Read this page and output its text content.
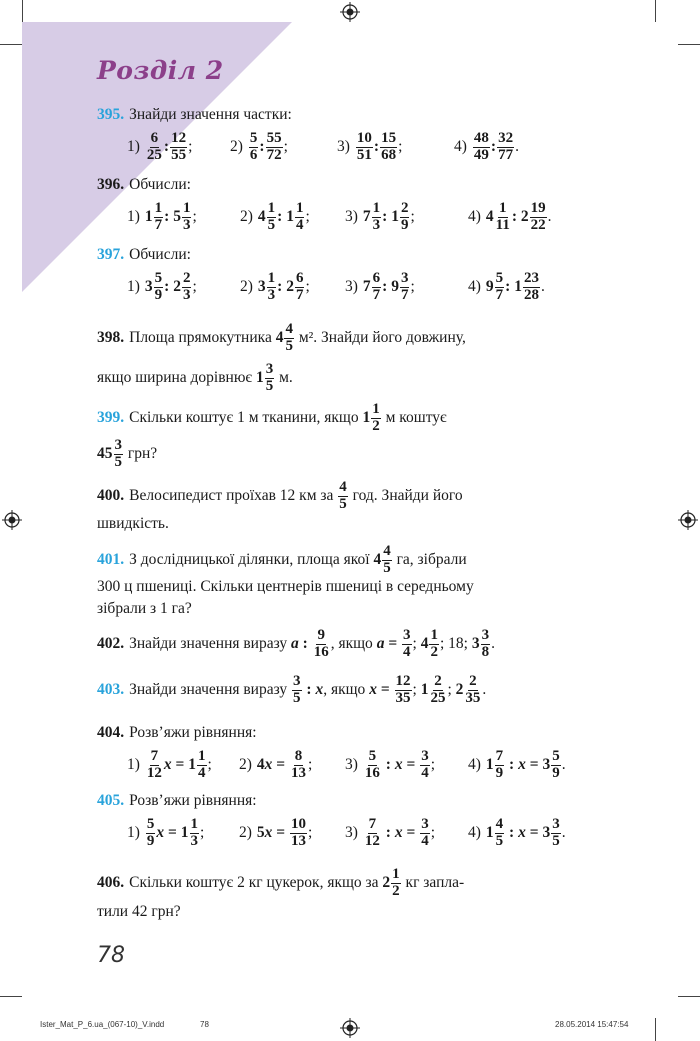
Розділ 2
395. Знайди значення частки:
$1) \frac{6}{25}$ : $\frac{12}{55}$ ; $2) \frac{5}{6}$ : $\frac{55}{72}$ ;	$3) \frac{10}{51}$ : $\frac{15}{68}$ ;	$4) \frac{48}{49}$ : $\frac{32}{77}$ .
396. Обчисли:
1) $1 \frac{1}{7}$ :
$5 \frac{1}{3}$ ;	2) $4 \frac{1}{5}$ :
$1 \frac{1}{4}$ ; 3) $7 \frac{1}{3}$ :
$1 \frac{2}{9}$ ;	4) $4 \frac{1}{11}$ :
$2 \frac{19}{22}$ .
397. Обчисли:
1) $3 \frac{5}{9}$ :
$2 \frac{2}{3}$ ;	2) $3 \frac{1}{3}$ :
$2 \frac{6}{7}$ ; 3) $7 \frac{6}{7}$ :
$9 \frac{3}{7}$ ;	4) $9 \frac{5}{7}$ :
$1 \frac{23}{28}$ .
398. Площа прямокутника
$4 \frac{4}{5}$
м². Знайди його довжину,
якщо ширина дорівнює
$1 \frac{3}{5}$
м.
399. Скільки коштує 1 м тканини, якщо
$1 \frac{1}{2}$
м коштує
$45 \frac{3}{5}$
грн?
400. Велосипедист проїхав 12 км за
$\frac{4}{5}$
год. Знайди його
швидкість.
401. З дослідницької ділянки, площа якої
$4 \frac{4}{5}$
га, зібрали
300 ц пшениці. Скільки центнерів пшениці в середньому
зібрали з 1 га?
402. Знайди значення виразу
a :
$\frac{9}{16}$ , якщо
a =
$\frac{3}{4}$ ; $4 \frac{1}{2}$ ; 18; $3 \frac{3}{8}$ .
403. Знайди значення виразу
$\frac{3}{5}$ : x , якщо
x =
$\frac{12}{35}$ ; $1 \frac{2}{25}$ ; $2 \frac{2}{35}$ .
404. Розв’яжи рівняння:
$1) \frac{7}{12}$ $x = 1 \frac{1}{4}$ ; 2) $4x = \frac{8}{13}$ ; $3) \frac{5}{16}$ : $x = \frac{3}{4}$ ; 4) $1 \frac{7}{9}$ : $x = 3 \frac{5}{9}$ .
405. Розв’яжи рівняння:
$1) \frac{5}{9}$ $x = 1 \frac{1}{3}$ ; 2) $5x = \frac{10}{13}$ ; $3) \frac{7}{12}$ : $x = \frac{3}{4}$ ; 4) $1 \frac{4}{5}$ : $x = 3 \frac{3}{5}$ .
406. Скільки коштує 2 кг цукерок, якщо за
$2 \frac{1}{2}$
кг запла-
тили 42 грн?
78
Ister_Mat_P_6.ua_(067-10)_V.indd	78	28.05.2014 15:47:54
